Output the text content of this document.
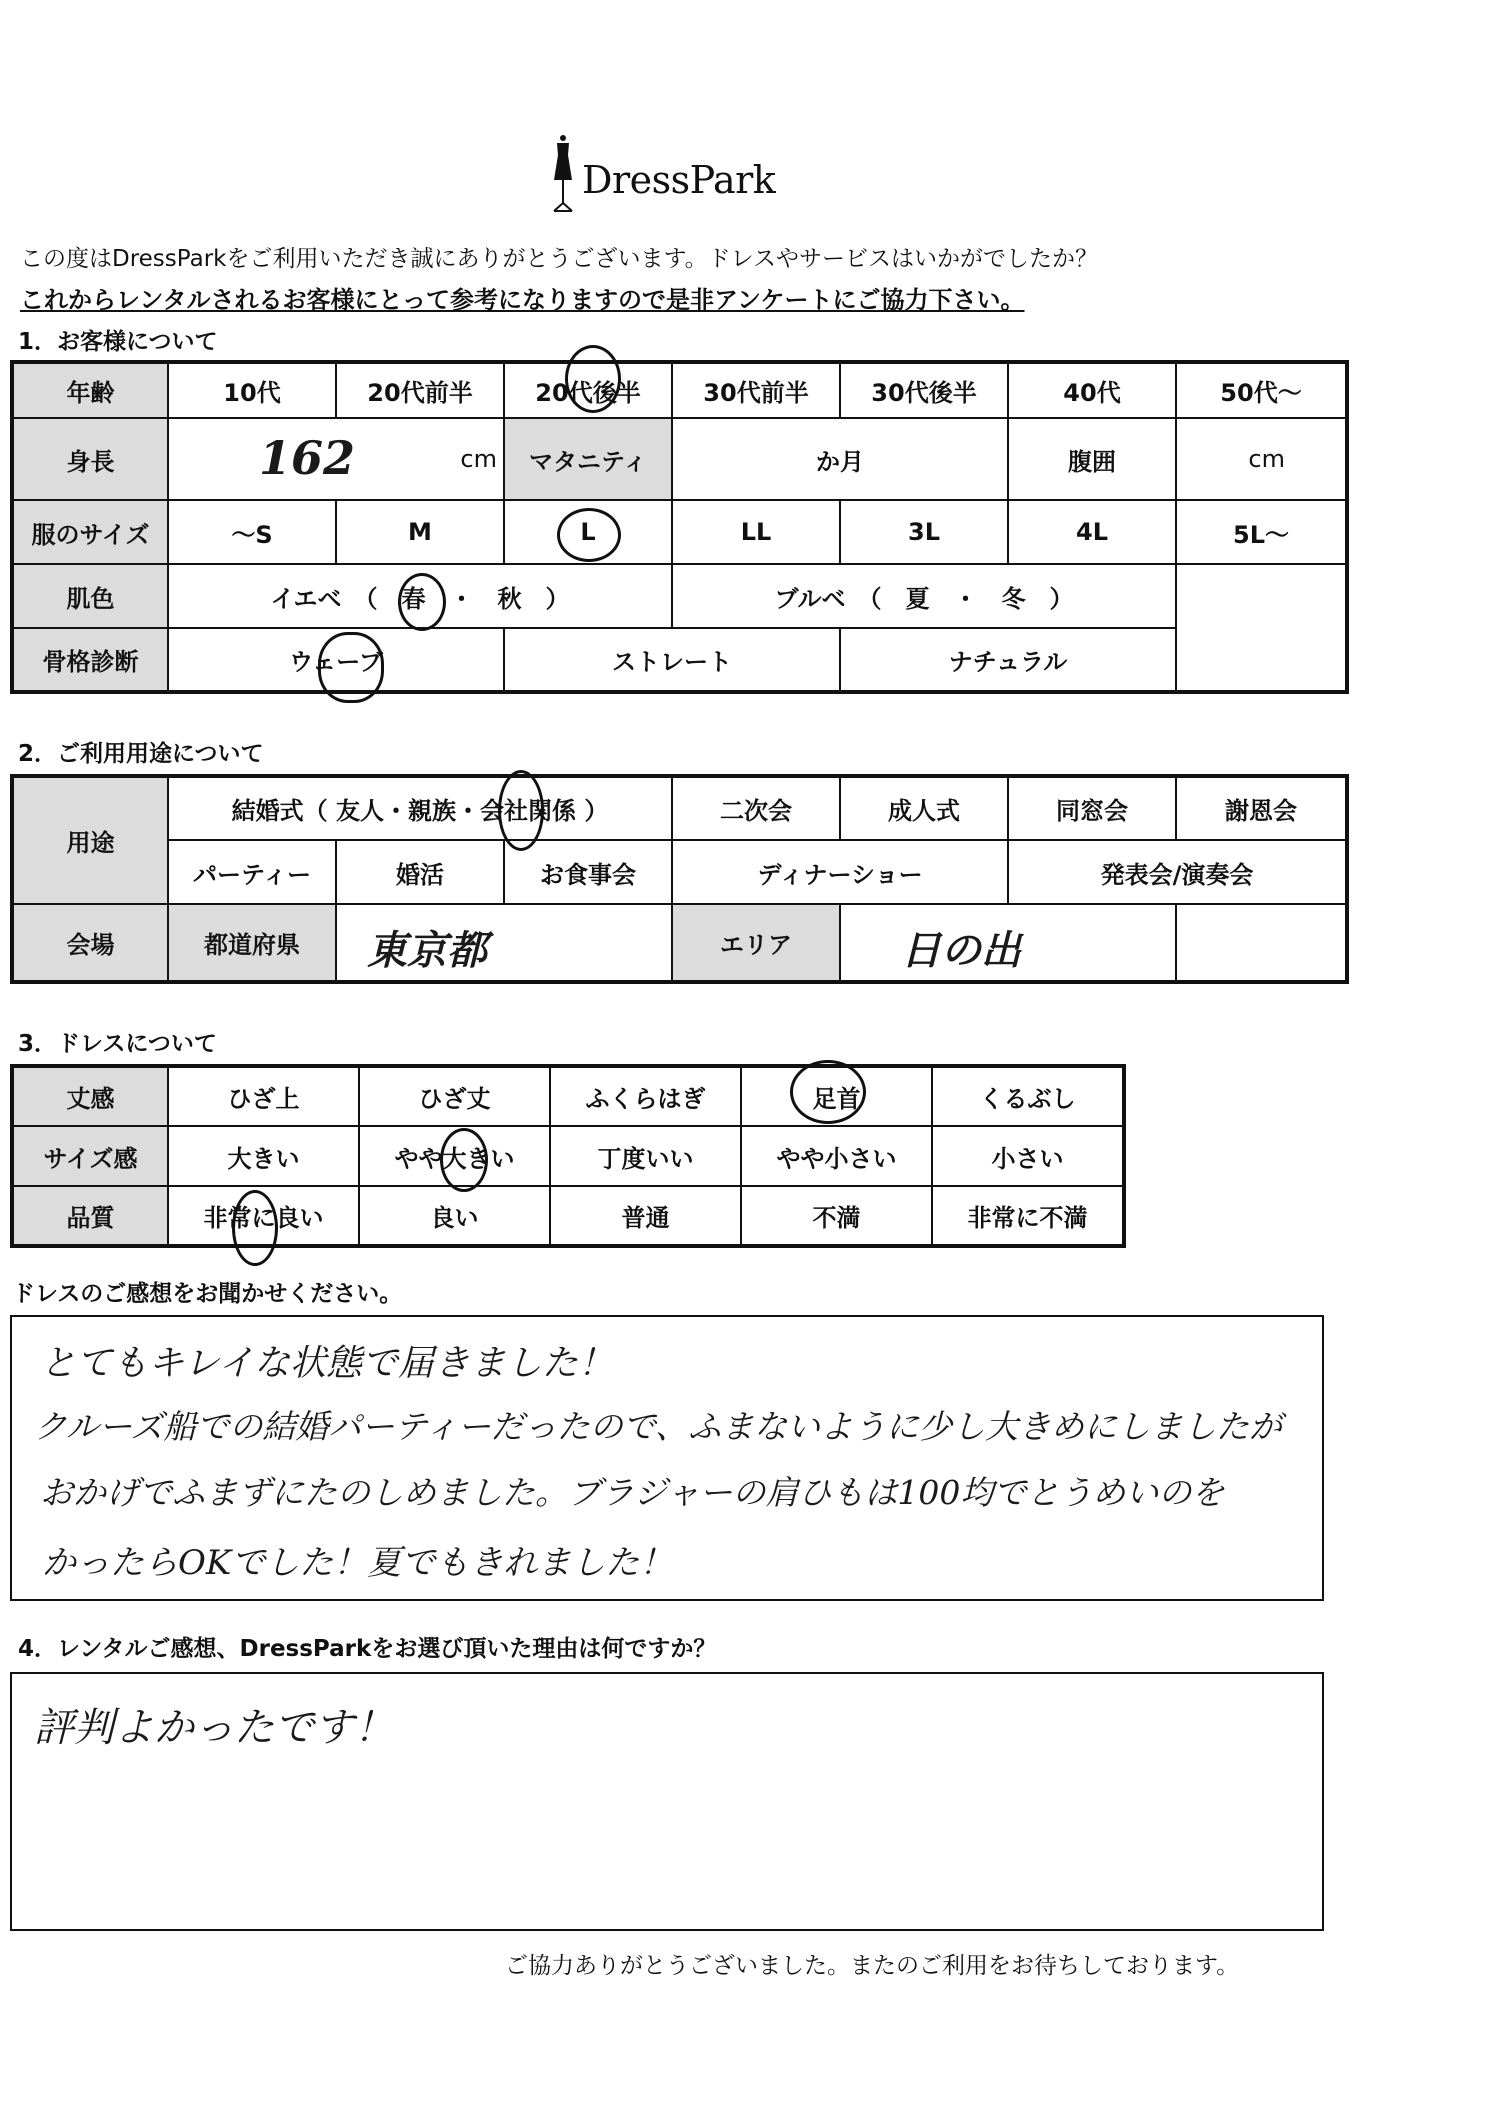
DressPark
この度はDressParkをご利用いただき誠にありがとうございます。ドレスやサービスはいかがでしたか？
これからレンタルされるお客様にとって参考になりますので是非アンケートにご協力下さい。
1．お客様について
年齢	10代	20代前半	20代後半	30代前半	30代後半	40代	50代～
身長	162 cm		マタニティ	か月		腹囲	cm
服のサイズ	～S	M	L	LL	3L	4L	5L～
肌色	イエベ　（　春　・　秋　）			ブルベ　（　夏　・　冬　）			
骨格診断	ウェーブ		ストレート		ナチュラル		
2．ご利用用途について
用途	結婚式（ 友人・親族・会社関係 ）			二次会	成人式	同窓会	謝恩会
	パーティー	婚活	お食事会	ディナーショー		発表会/演奏会	
会場	都道府県	東京都		エリア	日の出		

3．ドレスについて
丈感	ひざ上	ひざ丈	ふくらはぎ	足首	くるぶし
サイズ感	大きい	やや大きい	丁度いい	やや小さい	小さい
品質	非常に良い	良い	普通	不満	非常に不満
ドレスのご感想をお聞かせください。
とてもキレイな状態で届きました！
クルーズ船での結婚パーティーだったので、ふまないように少し大きめにしましたが
おかげでふまずにたのしめました。ブラジャーの肩ひもは100均でとうめいのを
かったらOKでした！夏でもきれました！
4．レンタルご感想、DressParkをお選び頂いた理由は何ですか？
評判よかったです！
ご協力ありがとうございました。またのご利用をお待ちしております。
